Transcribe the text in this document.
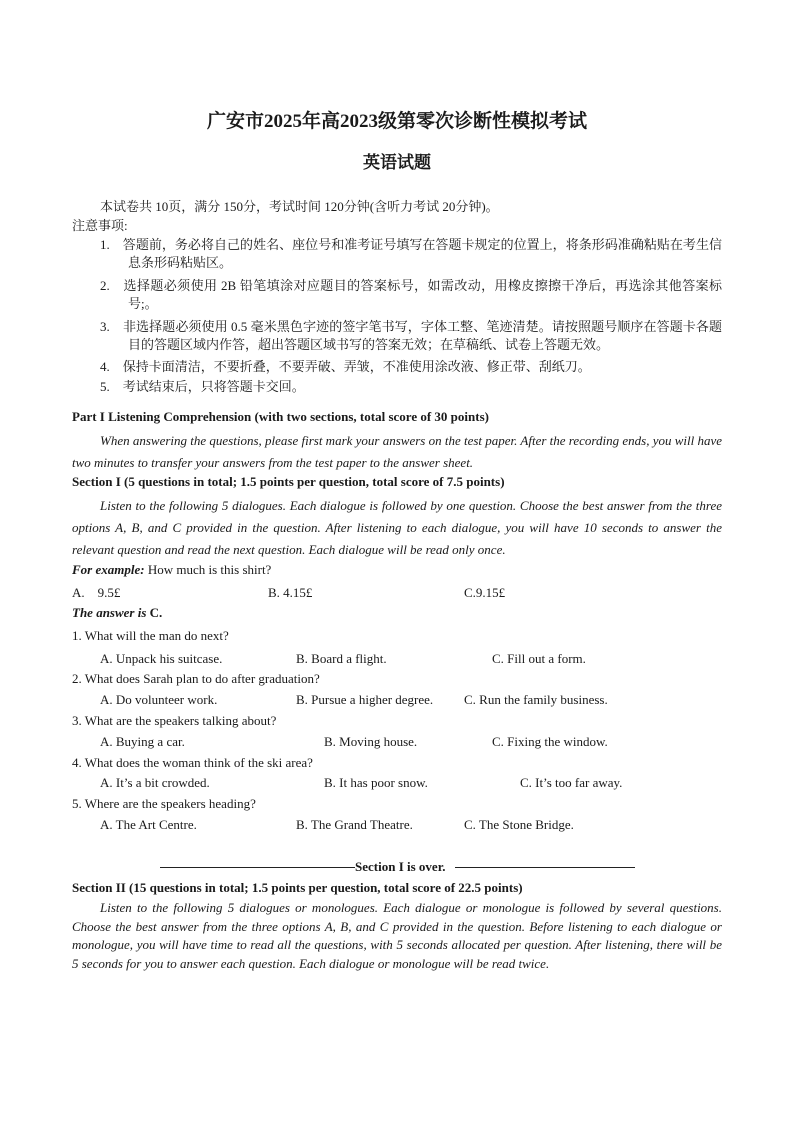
广安市2025年高2023级第零次诊断性模拟考试
英语试题
本试卷共 10页，满分 150分，考试时间 120分钟(含听力考试 20分钟)。
注意事项:
1.　答题前，务必将自己的姓名、座位号和准考证号填写在答题卡规定的位置上，将条形码准确粘贴在考生信息条形码粘贴区。
2.　选择题必须使用 2B 铅笔填涂对应题目的答案标号，如需改动，用橡皮擦擦干净后，再选涂其他答案标号;。
3.　非选择题必须使用 0.5 毫米黑色字迹的签字笔书写，字体工整、笔迹清楚。请按照题号顺序在答题卡各题目的答题区域内作答，超出答题区域书写的答案无效；在草稿纸、试卷上答题无效。
4.　保持卡面清洁，不要折叠，不要弄破、弄皱，不准使用涂改液、修正带、刮纸刀。
5.　考试结束后，只将答题卡交回。
Part I Listening Comprehension (with two sections, total score of 30 points)
When answering the questions, please first mark your answers on the test paper. After the recording ends, you will have two minutes to transfer your answers from the test paper to the answer sheet.
Section I (5 questions in total; 1.5 points per question, total score of 7.5 points)
Listen to the following 5 dialogues. Each dialogue is followed by one question. Choose the best answer from the three options A, B, and C provided in the question. After listening to each dialogue, you will have 10 seconds to answer the relevant question and read the next question. Each dialogue will be read only once.
For example: How much is this shirt?
A.　9.5£	B. 4.15£	C.9.15£
The answer is C.
1. What will the man do next?
A. Unpack his suitcase.	B. Board a flight.	C. Fill out a form.
2. What does Sarah plan to do after graduation?
A. Do volunteer work.	B. Pursue a higher degree. C. Run the family business.
3. What are the speakers talking about?
A. Buying a car.	B. Moving house.	C. Fixing the window.
4. What does the woman think of the ski area?
A. It’s a bit crowded.	B. It has poor snow.	C. It’s too far away.
5. Where are the speakers heading?
A. The Art Centre.	B. The Grand Theatre.	C. The Stone Bridge.
Section I is over.
Section II (15 questions in total; 1.5 points per question, total score of 22.5 points)
Listen to the following 5 dialogues or monologues. Each dialogue or monologue is followed by several questions. Choose the best answer from the three options A, B, and C provided in the question. Before listening to each dialogue or monologue, you will have time to read all the questions, with 5 seconds allocated per question. After listening, there will be 5 seconds for you to answer each question. Each dialogue or monologue will be read twice.
